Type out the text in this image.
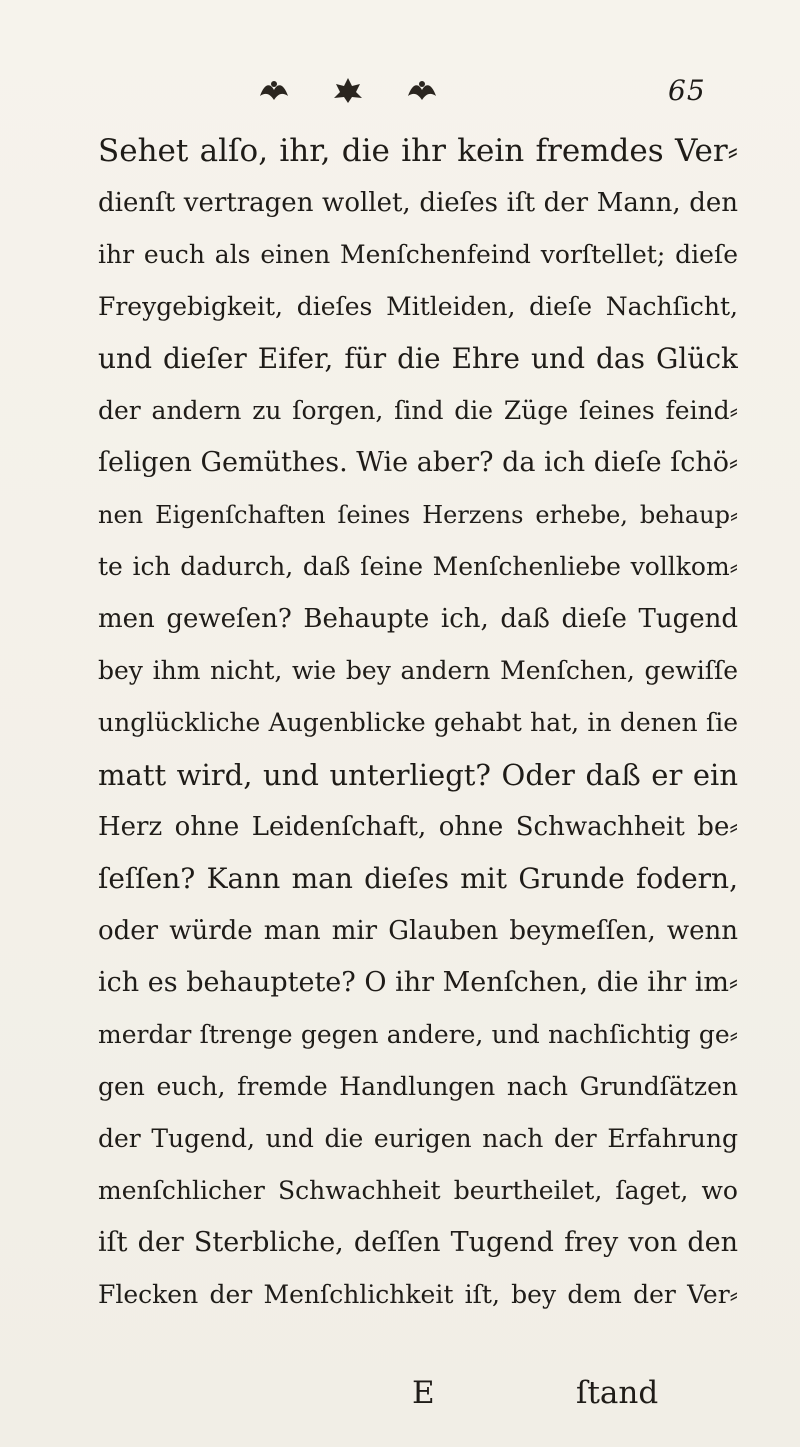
65
Sehet alſo, ihr, die ihr kein fremdes Ver⸗
dienſt vertragen wollet, dieſes iſt der Mann, den
ihr euch als einen Menſchenfeind vorſtellet; dieſe
Freygebigkeit, dieſes Mitleiden, dieſe Nachſicht,
und dieſer Eifer, für die Ehre und das Glück
der andern zu ſorgen, ſind die Züge ſeines feind⸗
ſeligen Gemüthes. Wie aber? da ich dieſe ſchö⸗
nen Eigenſchaften ſeines Herzens erhebe, behaup⸗
te ich dadurch, daß ſeine Menſchenliebe vollkom⸗
men geweſen? Behaupte ich, daß dieſe Tugend
bey ihm nicht, wie bey andern Menſchen, gewiſſe
unglückliche Augenblicke gehabt hat, in denen ſie
matt wird, und unterliegt? Oder daß er ein
Herz ohne Leidenſchaft, ohne Schwachheit be⸗
ſeſſen? Kann man dieſes mit Grunde fodern,
oder würde man mir Glauben beymeſſen, wenn
ich es behauptete? O ihr Menſchen, die ihr im⸗
merdar ſtrenge gegen andere, und nachſichtig ge⸗
gen euch, fremde Handlungen nach Grundſätzen
der Tugend, und die eurigen nach der Erfahrung
menſchlicher Schwachheit beurtheilet, ſaget, wo
iſt der Sterbliche, deſſen Tugend frey von den
Flecken der Menſchlichkeit iſt, bey dem der Ver⸗
E	ſtand
